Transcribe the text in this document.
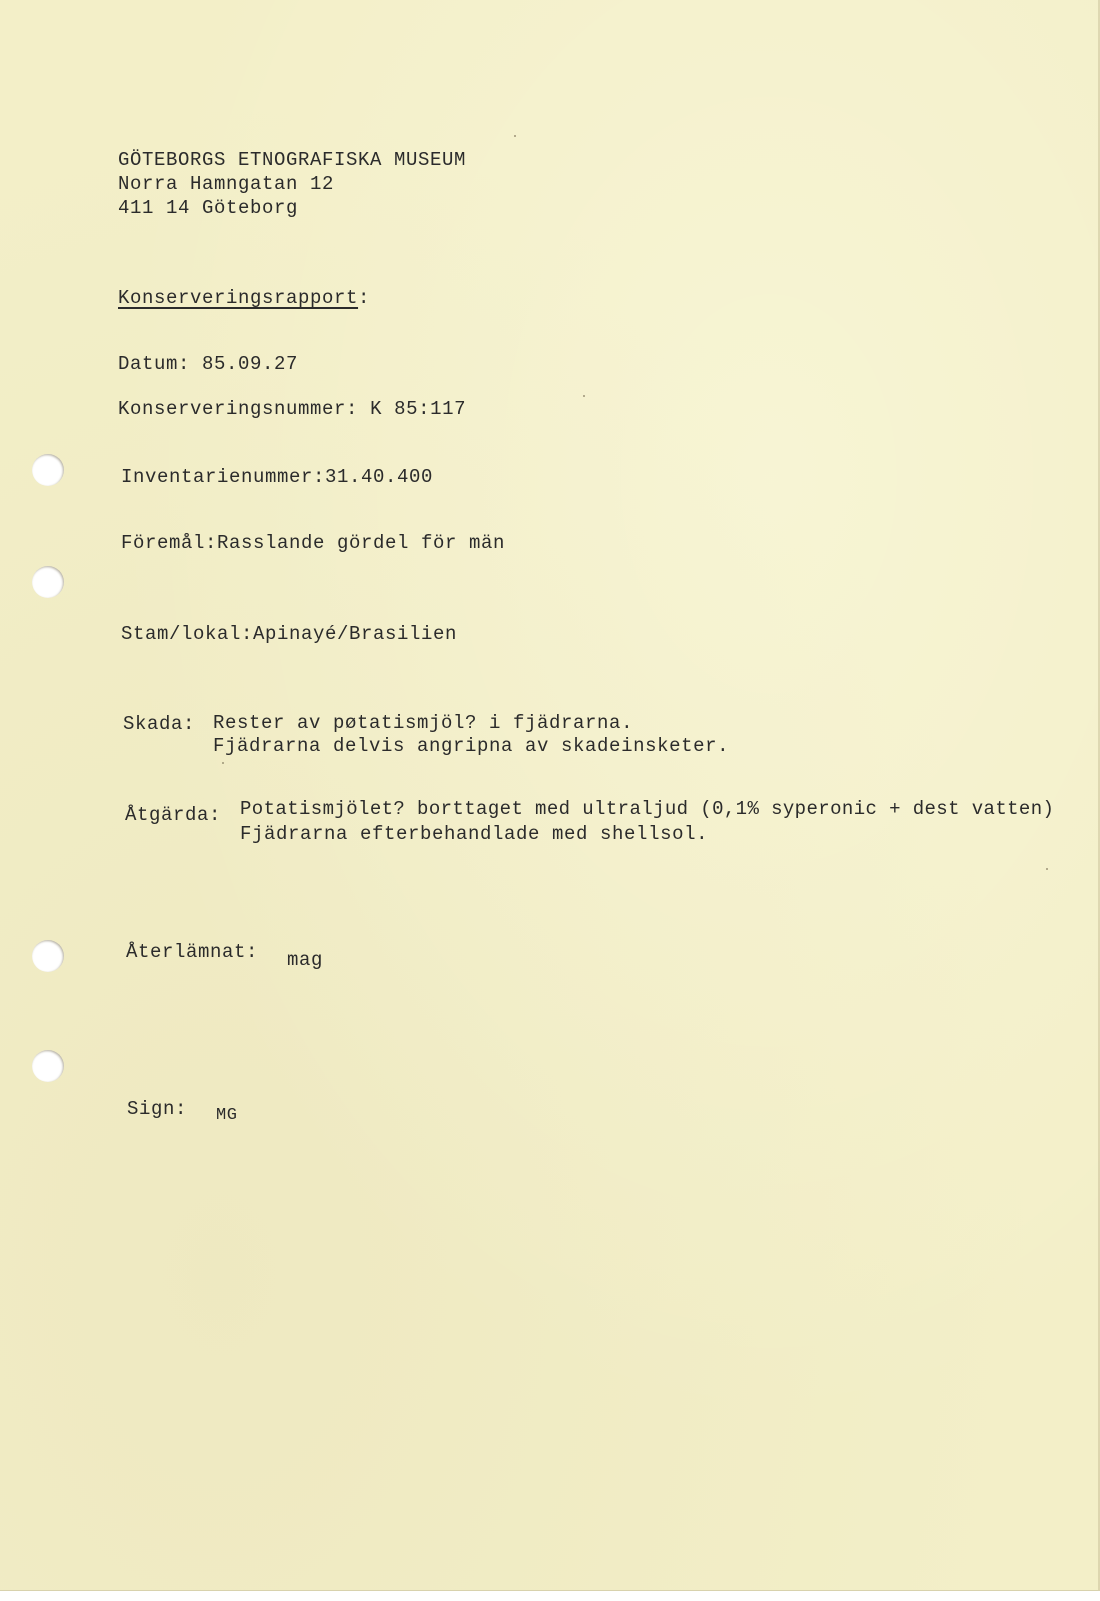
GÖTEBORGS ETNOGRAFISKA MUSEUM
Norra Hamngatan 12
411 14 Göteborg
Konserveringsrapport:
Datum: 85.09.27
Konserveringsnummer: K 85:117
Inventarienummer:31.40.400
Föremål:Rasslande gördel för män
Stam/lokal:Apinayé/Brasilien
Skada: Rester av pøtatismjöl? i fjädrarna.
Fjädrarna delvis angripna av skadeinsketer.
Åtgärda: Potatismjölet? borttaget med ultraljud (0,1% syperonic + dest vatten)
Fjädrarna efterbehandlade med shellsol.
Återlämnat: mag
Sign: MG
